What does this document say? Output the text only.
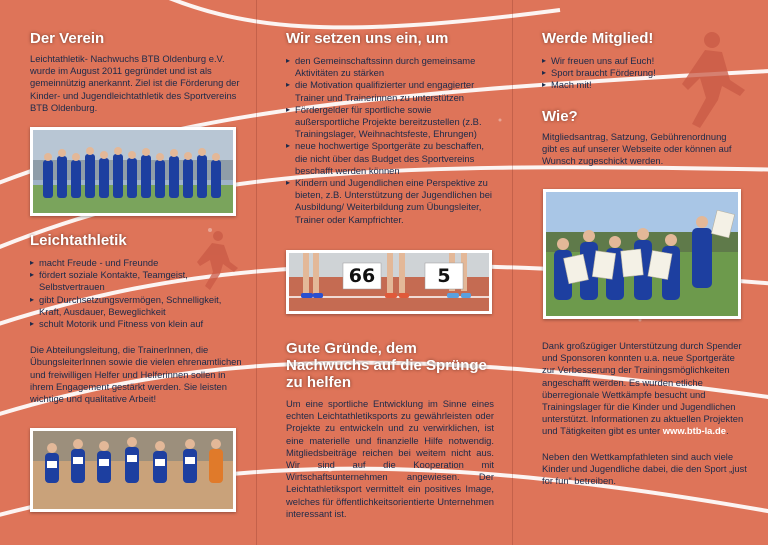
Der Verein

Leichtathletik- Nachwuchs BTB Oldenburg e.V. wurde im August 2011 gegründet und ist als gemeinnützig anerkannt. Ziel ist die Förderung der Kinder- und Jugendleichtathletik des Sportvereins BTB Oldenburg.

Leichtathletik
▸ macht Freude - und Freunde
▸ fördert soziale Kontakte, Teamgeist, Selbstvertrauen
▸ gibt Durchsetzungsvermögen, Schnelligkeit, Kraft, Ausdauer, Beweglichkeit
▸ schult Motorik und Fitness von klein auf

Die Abteilungsleitung, die TrainerInnen, die ÜbungsleiterInnen sowie die vielen ehrenamtlichen und freiwilligen Helfer und Helferinnen sollen in ihrem Engagement gestärkt werden. Sie leisten wichtige und qualitative Arbeit!

Wir setzen uns ein, um
▸ den Gemeinschaftssinn durch gemeinsame Aktivitäten zu stärken
▸ die Motivation qualifizierter und engagierter Trainer und Trainerinnen zu unterstützen
▸ Fördergelder für sportliche sowie außersportliche Projekte bereitzustellen (z.B. Trainingslager, Weihnachtsfeste, Ehrungen)
▸ neue hochwertige Sportgeräte zu beschaffen, die nicht über das Budget des Sportvereins beschafft werden können
▸ Kindern und Jugendlichen eine Perspektive zu bieten, z.B. Unterstützung der Jugendlichen bei Ausbildung/ Weiterbildung zum Übungsleiter, Trainer oder Kampfrichter.
66	5
Gute Gründe, dem Nachwuchs auf die Sprünge zu helfen

Um eine sportliche Entwicklung im Sinne eines echten Leichtathletiksports zu gewährleisten oder Projekte zu entwickeln und zu verwirklichen, ist eine materielle und finanzielle Hilfe notwendig. Mitgliedsbeiträge reichen bei weitem nicht aus. Wir sind auf die Kooperation mit Wirtschaftsunternehmen angewiesen. Der Leichtathletiksport vermittelt ein positives Image, welches für öffentlichkeitsorientierte Unternehmen interessant ist.

Werde Mitglied!
▸ Wir freuen uns auf Euch!
▸ Sport braucht Förderung!
▸ Mach mit!
Wie?

Mitgliedsantrag, Satzung, Gebührenordnung gibt es auf unserer Webseite oder können auf Wunsch zugeschickt werden.

Dank großzügiger Unterstützung durch Spender und Sponsoren konnten u.a. neue Sportgeräte zur Verbesserung der Trainingsmöglichkeiten angeschafft werden. Es wurden etliche überregionale Wettkämpfe besucht und Trainingslager für die Kinder und Jugendlichen unterstützt. Informationen zu aktuellen Projekten und Tätigkeiten gibt es unter www.btb-la.de.

Neben den Wettkampfathleten sind auch viele Kinder und Jugendliche dabei, die den Sport „just for fun“ betreiben.
